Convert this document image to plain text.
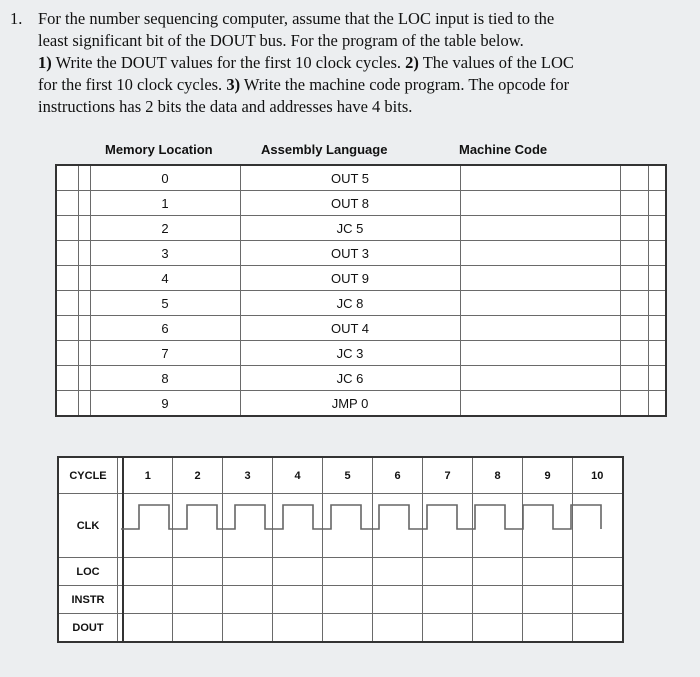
1. For the number sequencing computer, assume that the LOC input is tied to the

least significant bit of the DOUT bus. For the program of the table below.

1) Write the DOUT values for the first 10 clock cycles. 2) The values of the LOC

for the first 10 clock cycles. 3) Write the machine code program. The opcode for

instructions has 2 bits the data and addresses have 4 bits.

Memory Location	Assembly Language	Machine Code
		0	OUT 5			
		1	OUT 8			
		2	JC 5			
		3	OUT 3			
		4	OUT 9			
		5	JC 8			
		6	OUT 4			
		7	JC 3			
		8	JC 6			
		9	JMP 0			
CYCLE		1	2	3	4	5	6	7	8	9	10
CLK											
LOC											
INSTR											
DOUT											
